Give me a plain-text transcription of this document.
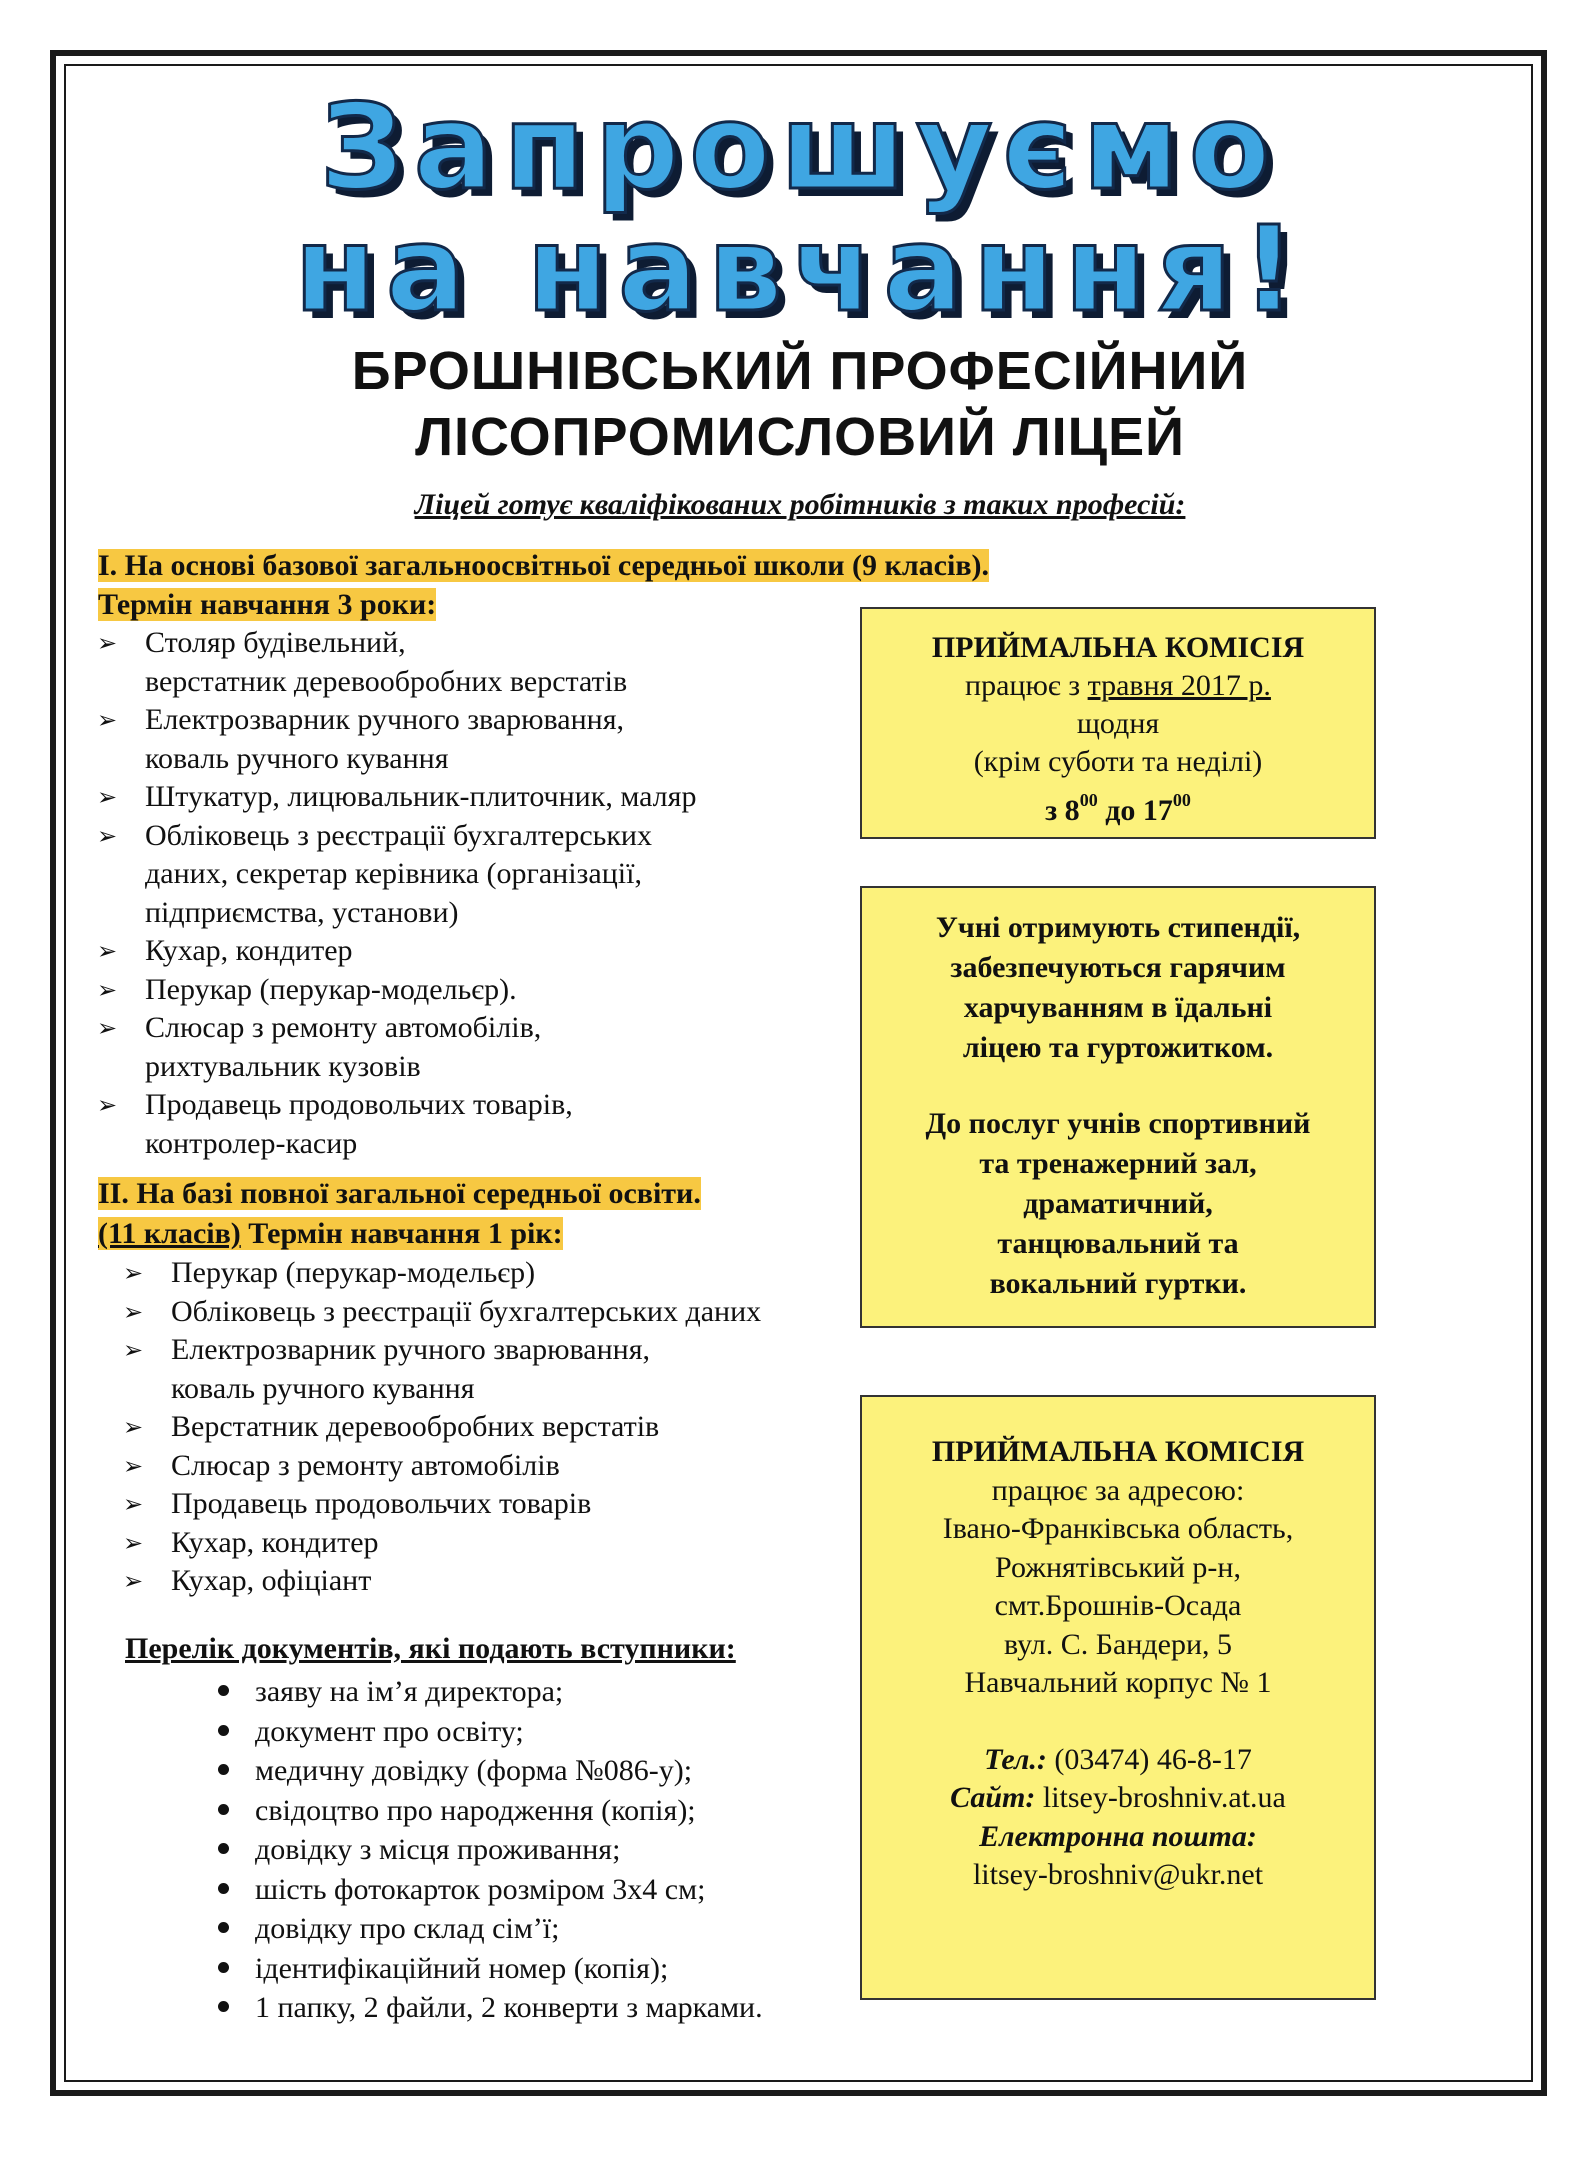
Запрошуємо
на навчання!
БРОШНІВСЬКИЙ ПРОФЕСІЙНИЙ
ЛІСОПРОМИСЛОВИЙ ЛІЦЕЙ
Ліцей готує кваліфікованих робітників з таких професій:
I. На основі базової загальноосвітньої середньої школи (9 класів).
Термін навчання 3 роки:
➢ Столяр будівельний,
верстатник деревообробних верстатів
➢ Електрозварник ручного зварювання,
коваль ручного кування
➢ Штукатур, лицювальник-плиточник, маляр
➢ Обліковець з реєстрації бухгалтерських
даних, секретар керівника (організації,
підприємства, установи)
➢ Кухар, кондитер
➢ Перукар (перукар-модельєр).
➢ Слюсар з ремонту автомобілів,
рихтувальник кузовів
➢ Продавець продовольчих товарів,
контролер-касир
II. На базі повної загальної середньої освіти.
(11 класів) Термін навчання 1 рік:
➢ Перукар (перукар-модельєр)
➢ Обліковець з реєстрації бухгалтерських даних
➢ Електрозварник ручного зварювання,
коваль ручного кування
➢ Верстатник деревообробних верстатів
➢ Слюсар з ремонту автомобілів
➢ Продавець продовольчих товарів
➢ Кухар, кондитер
➢ Кухар, офіціант
Перелік документів, які подають вступники:
заяву на ім’я директора;
документ про освіту;
медичну довідку (форма №086-у);
свідоцтво про народження (копія);
довідку з місця проживання;
шість фотокарток розміром 3х4 см;
довідку про склад сім’ї;
ідентифікаційний номер (копія);
1 папку, 2 файли, 2 конверти з марками.
ПРИЙМАЛЬНА КОМІСІЯ
працює з травня 2017 р.
щодня
(крім суботи та неділі)
з $8^{00}$ до $17^{00}$
Учні отримують стипендії,
забезпечуються гарячим
харчуванням в їдальні
ліцею та гуртожитком.
До послуг учнів спортивний
та тренажерний зал,
драматичний,
танцювальний та
вокальний гуртки.
ПРИЙМАЛЬНА КОМІСІЯ
працює за адресою:
Івано-Франківська область,
Рожнятівський р-н,
смт.Брошнів-Осада
вул. С. Бандери, 5
Навчальний корпус № 1
Тел.: (03474) 46-8-17
Сайт: litsey-broshniv.at.ua
Електронна пошта:
litsey-broshniv@ukr.net
